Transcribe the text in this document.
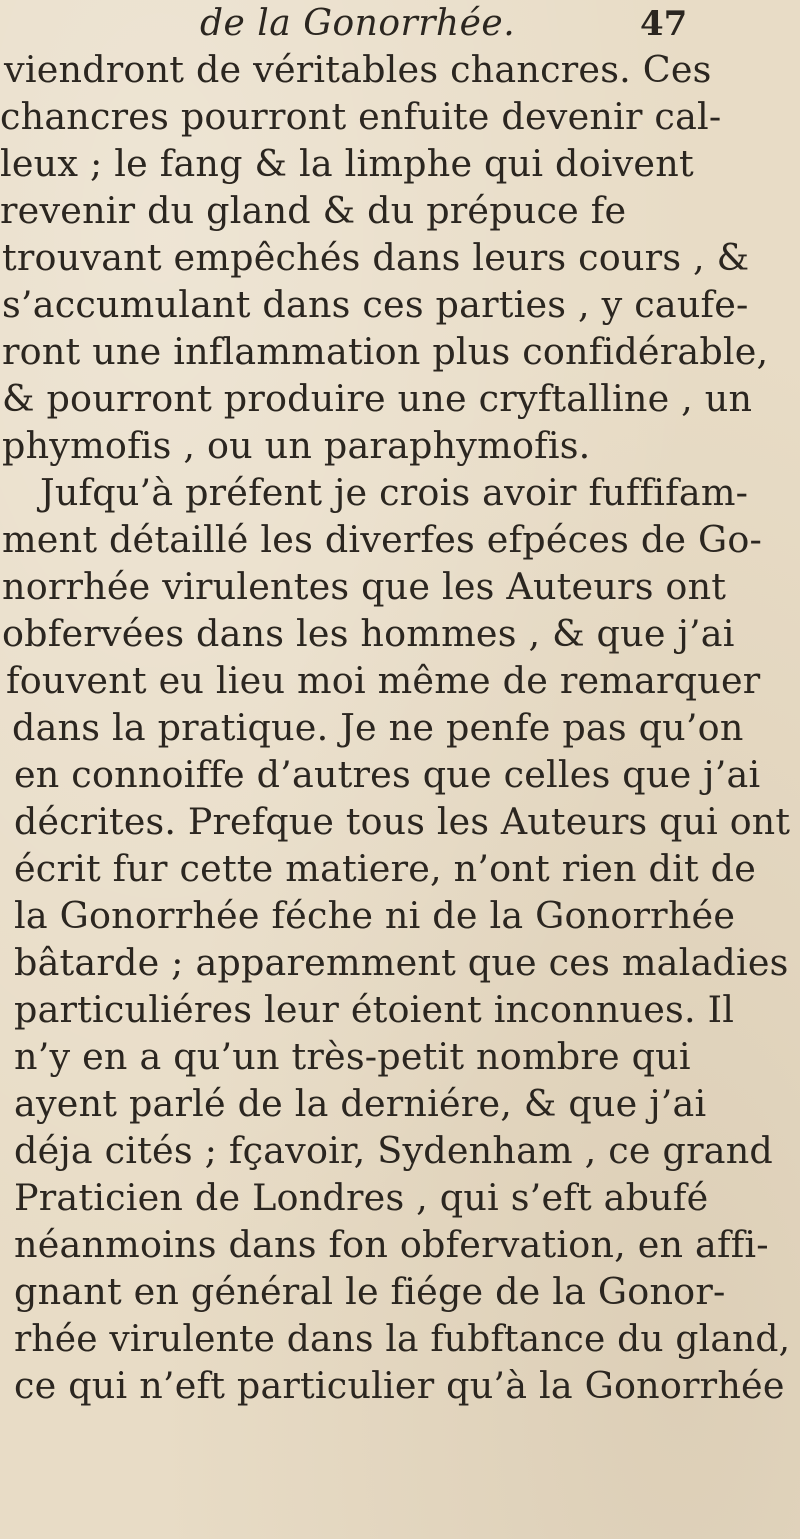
de la Gonorrhée.	47
viendront de véritables chancres. Ces
chancres pourront enfuite devenir cal-
leux ; le fang & la limphe qui doivent
revenir du gland & du prépuce fe
trouvant empêchés dans leurs cours , &
s’accumulant dans ces parties , y caufe-
ront une inflammation plus confidérable,
& pourront produire une cryftalline , un
phymofis , ou un paraphymofis.
Jufqu’à préfent je crois avoir fuffifam-
ment détaillé les diverfes efpéces de Go-
norrhée virulentes que les Auteurs ont
obfervées dans les hommes , & que j’ai
fouvent eu lieu moi même de remarquer
dans la pratique. Je ne penfe pas qu’on
en connoiffe d’autres que celles que j’ai
décrites. Prefque tous les Auteurs qui ont
écrit fur cette matiere, n’ont rien dit de
la Gonorrhée féche ni de la Gonorrhée
bâtarde ; apparemment que ces maladies
particuliéres leur étoient inconnues. Il
n’y en a qu’un très-petit nombre qui
ayent parlé de la derniére, & que j’ai
déja cités ; fçavoir, Sydenham , ce grand
Praticien de Londres , qui s’eft abufé
néanmoins dans fon obfervation, en affi-
gnant en général le fiége de la Gonor-
rhée virulente dans la fubftance du gland,
ce qui n’eft particulier qu’à la Gonorrhée
